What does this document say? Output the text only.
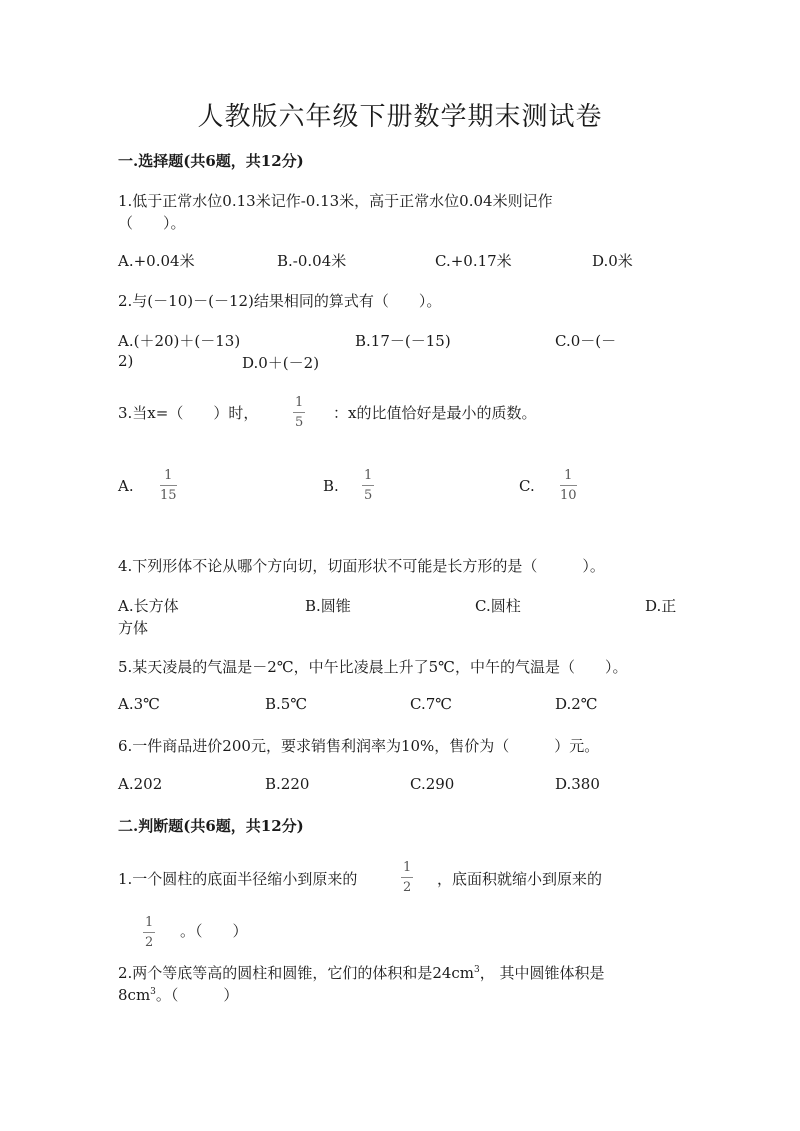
人教版六年级下册数学期末测试卷
一.选择题(共6题，共12分)
1.低于正常水位0.13米记作-0.13米，高于正常水位0.04米则记作
（　　）。
A.+0.04米	B.-0.04米	C.+0.17米	D.0米
2.与(－10)－(－12)结果相同的算式有（　　）。
A.(＋20)＋(－13)	B.17－(－15)	C.0－(－
2)	D.0＋(－2)
3.当x=（　　）时，
1
5
：x的比值恰好是最小的质数。
A.
1
15
B.
1
5
C.
1
10
4.下列形体不论从哪个方向切，切面形状不可能是长方形的是（　　　）。
A.长方体	B.圆锥	C.圆柱	D.正
方体
5.某天凌晨的气温是－2℃，中午比凌晨上升了5℃，中午的气温是（　　）。
A.3℃	B.5℃	C.7℃	D.2℃
6.一件商品进价200元，要求销售利润率为10%，售价为（　　　）元。
A.202	B.220	C.290	D.380
二.判断题(共6题，共12分)
1.一个圆柱的底面半径缩小到原来的
1
2 ，底面积就缩小到原来的
1
2
。（　　）
2.两个等底等高的圆柱和圆锥，它们的体积和是$24cm^3$， 其中圆锥体积是
$8cm^3$。（　　　）
